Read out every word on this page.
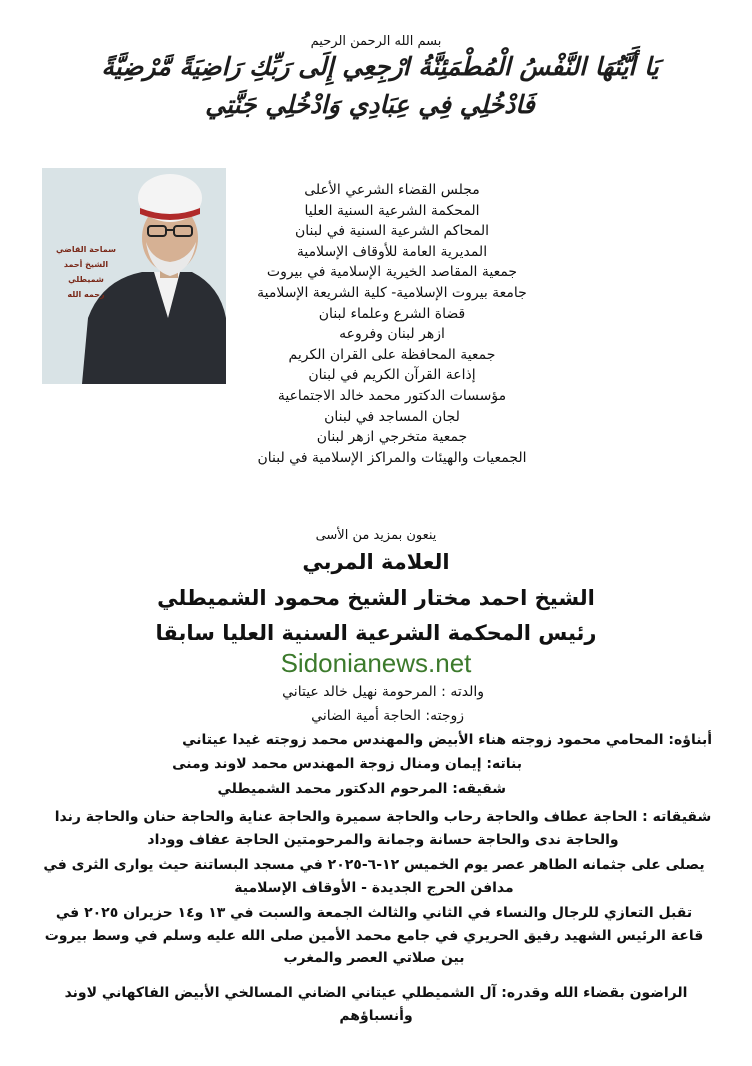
بسم الله الرحمن الرحيم
يَا أَيَّتُهَا النَّفْسُ الْمُطْمَئِنَّةُ ارْجِعِي إِلَى رَبِّكِ رَاضِيَةً مَّرْضِيَّةً
فَادْخُلِي فِي عِبَادِي وَادْخُلِي جَنَّتِي
سماحة القاضي
الشيخ أحمد شميطلي
رحمه الله
مجلس القضاء الشرعي الأعلى
المحكمة الشرعية السنية العليا
المحاكم الشرعية السنية في لبنان
المديرية العامة للأوقاف الإسلامية
جمعية المقاصد الخيرية الإسلامية في بيروت
جامعة بيروت الإسلامية- كلية الشريعة الإسلامية
قضاة الشرع وعلماء لبنان
ازهر لبنان وفروعه
جمعية المحافظة على القران الكريم
إذاعة القرآن الكريم في لبنان
مؤسسات الدكتور محمد خالد الاجتماعية
لجان المساجد في لبنان
جمعية متخرجي ازهر لبنان
الجمعيات والهيئات والمراكز الإسلامية في لبنان
ينعون بمزيد من الأسى
العلامة المربي
الشيخ احمد مختار الشيخ محمود الشميطلي
رئيس المحكمة الشرعية السنية العليا سابقا
Sidonianews.net
والدته : المرحومة نهيل خالد عيتاني
زوجته: الحاجة أمية الضاني
أبناؤه: المحامي محمود زوجته هناء الأبيض والمهندس محمد زوجته غيدا عيتاني
بناته: إيمان ومنال زوجة المهندس محمد لاوند ومنى
شقيقه: المرحوم الدكتور محمد الشميطلي
شقيقاته : الحاجة عطاف والحاجة رحاب والحاجة سميرة والحاجة عناية والحاجة حنان والحاجة رندا والحاجة ندى والحاجة حسانة وجمانة والمرحومتين الحاجة عفاف ووداد
يصلى على جثمانه الطاهر عصر يوم الخميس ١٢-٦-٢٠٢٥ في مسجد البساتنة حيث يوارى الثرى في مدافن الحرج الجديدة - الأوقاف الإسلامية
تقبل التعازي للرجال والنساء في الثاني والثالث الجمعة والسبت في ١٣ و١٤ حزيران ٢٠٢٥ في قاعة الرئيس الشهيد رفيق الحريري في جامع محمد الأمين صلى الله عليه وسلم في وسط بيروت بين صلاتي العصر والمغرب
الراضون بقضاء الله وقدره: آل الشميطلي عيتاني الضاني المسالخي الأبيض الفاكهاني لاوند وأنسباؤهم
